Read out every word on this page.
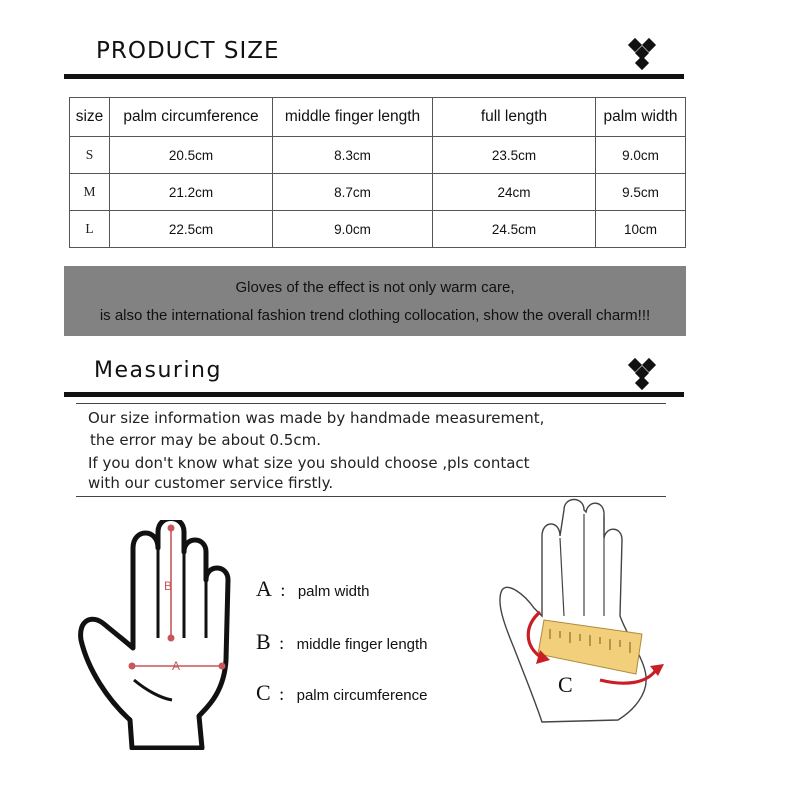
PRODUCT SIZE
size	palm circumference	middle finger length	full length	palm width
S	20.5cm	8.3cm	23.5cm	9.0cm
M	21.2cm	8.7cm	24cm	9.5cm
L	22.5cm	9.0cm	24.5cm	10cm
Gloves of the effect is not only warm care,
is also the international fashion trend clothing collocation, show the overall charm!!!
Measuring
Our size information was made by handmade measurement,
the error may be about 0.5cm.
If you don't know what size you should choose ,pls contact
with our customer service firstly.
B
A
A : palm width
B : middle finger length
C : palm circumference	C
